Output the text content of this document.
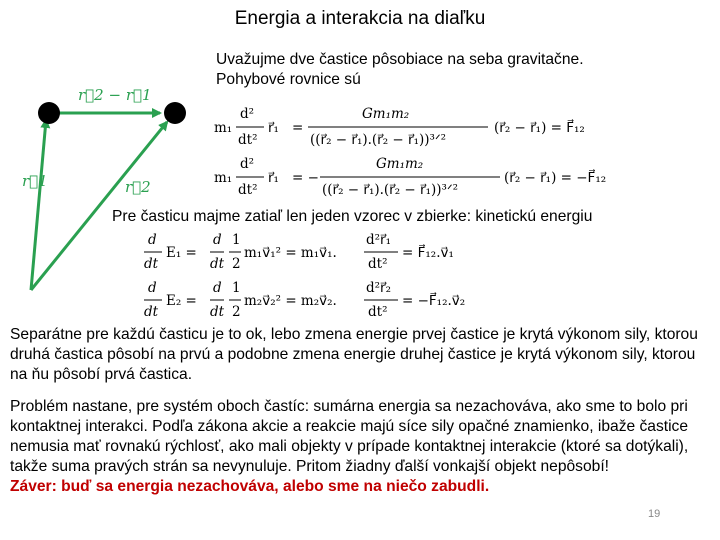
Energia a interakcia na diaľku
Uvažujme dve častice pôsobiace na seba gravitačne.
Pohybové rovnice sú
r⃗2 − r⃗1
r⃗1	r⃗2
m₁
d²
dt²
r⃗₁ =
Gm₁m₂
((r⃗₂ − r⃗₁).(r⃗₂ − r⃗₁))³ᐟ²
(r⃗₂ − r⃗₁) = F⃗₁₂
m₁
d²
dt²
r⃗₁ = −
Gm₁m₂
((r⃗₂ − r⃗₁).(r⃗₂ − r⃗₁))³ᐟ²
(r⃗₂ − r⃗₁) = −F⃗₁₂
Pre časticu majme zatiaľ len jeden vzorec v zbierke: kinetickú energiu
d
dt
E₁ =
d
dt
1
2
m₁v⃗₁² = m₁v⃗₁.
d²r⃗₁
dt²
= F⃗₁₂.v⃗₁
d
dt
E₂ =
d
dt
1
2
m₂v⃗₂² = m₂v⃗₂.
d²r⃗₂
dt²
= −F⃗₁₂.v⃗₂
Separátne pre každú časticu je to ok, lebo zmena energie prvej častice je krytá výkonom sily, ktorou druhá častica pôsobí na prvú a podobne zmena energie druhej častice je krytá výkonom sily, ktorou na ňu pôsobí prvá častica.
Problém nastane, pre systém oboch častíc: sumárna energia sa nezachováva, ako sme to bolo pri kontaktnej interakci. Podľa zákona akcie a reakcie majú síce sily opačné znamienko, ibaže častice nemusia mať rovnakú rýchlosť, ako mali objekty v prípade kontaktnej interakcie (ktoré sa dotýkali), takže suma pravých strán sa nevynuluje. Pritom žiadny ďalší vonkajší objekt nepôsobí!
Záver: buď sa energia nezachováva, alebo sme na niečo zabudli.
19
